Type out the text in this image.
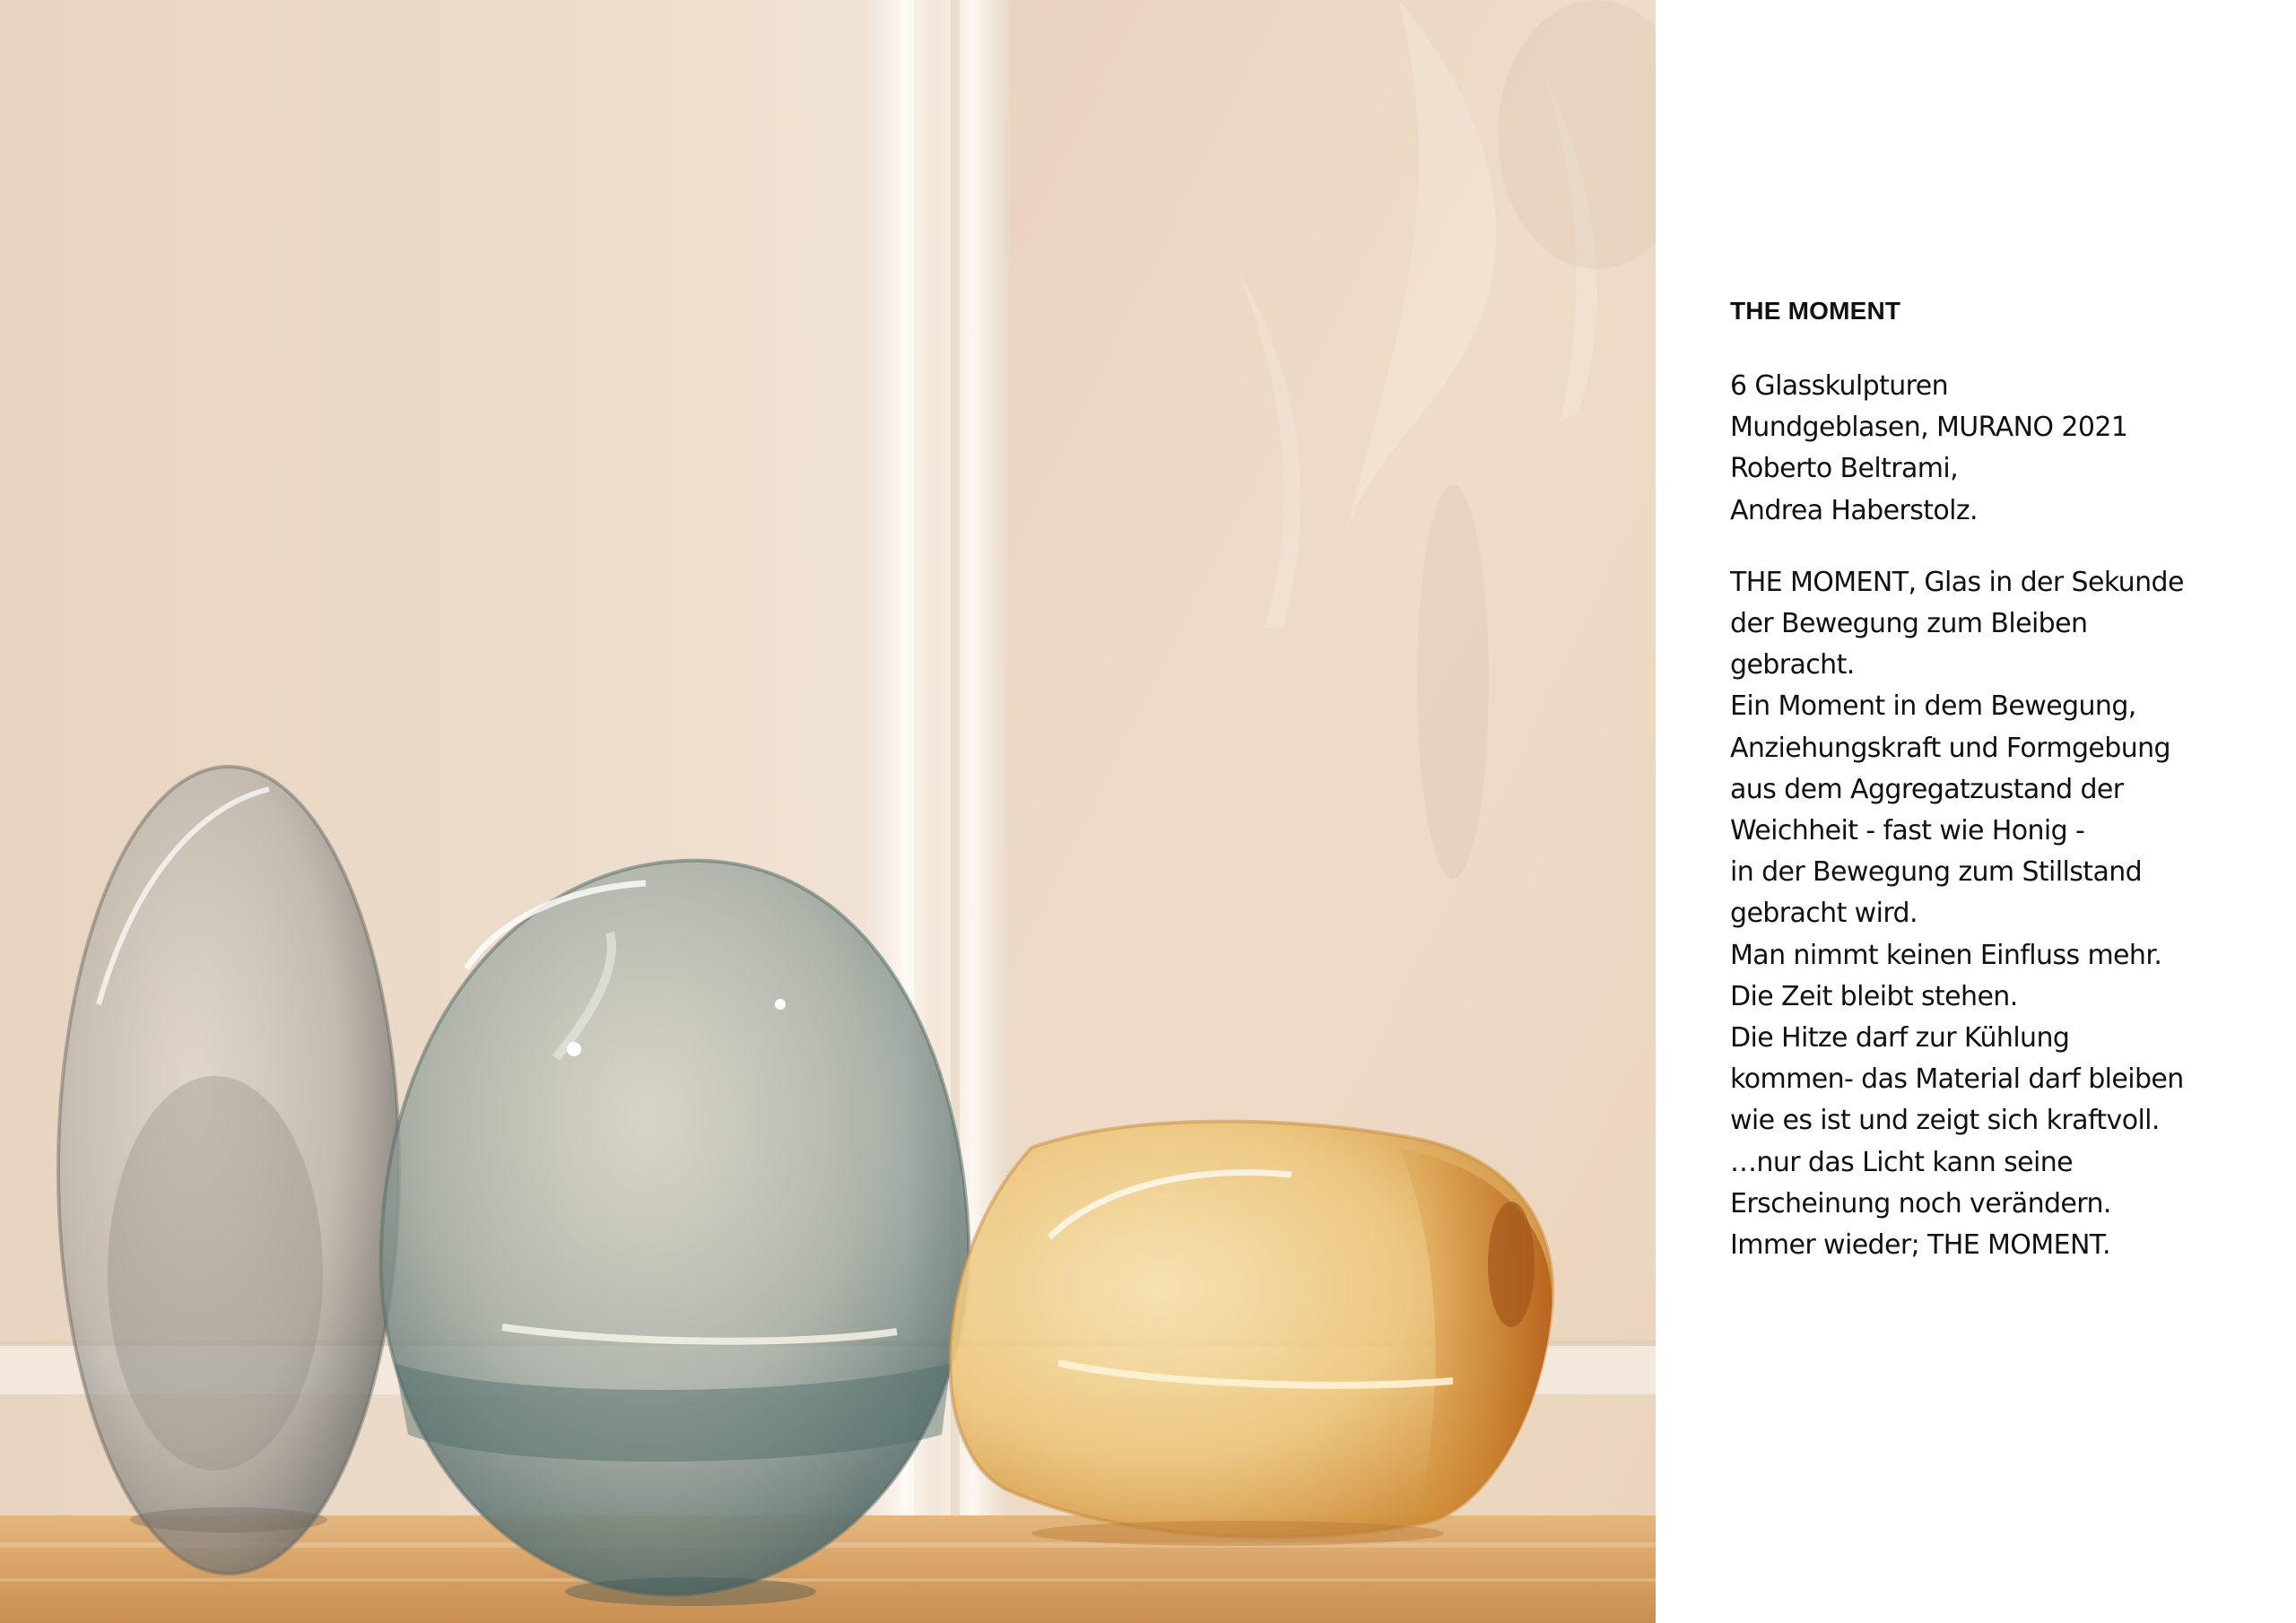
THE MOMENT
6 Glasskulpturen
Mundgeblasen, MURANO 2021
Roberto Beltrami,
Andrea Haberstolz.
THE MOMENT, Glas in der Sekunde
der Bewegung zum Bleiben
gebracht.
Ein Moment in dem Bewegung,
Anziehungskraft und Formgebung
aus dem Aggregatzustand der
Weichheit - fast wie Honig -
in der Bewegung zum Stillstand
gebracht wird.
Man nimmt keinen Einfluss mehr.
Die Zeit bleibt stehen.
Die Hitze darf zur Kühlung
kommen- das Material darf bleiben
wie es ist und zeigt sich kraftvoll.
…nur das Licht kann seine
Erscheinung noch verändern.
Immer wieder; THE MOMENT.
